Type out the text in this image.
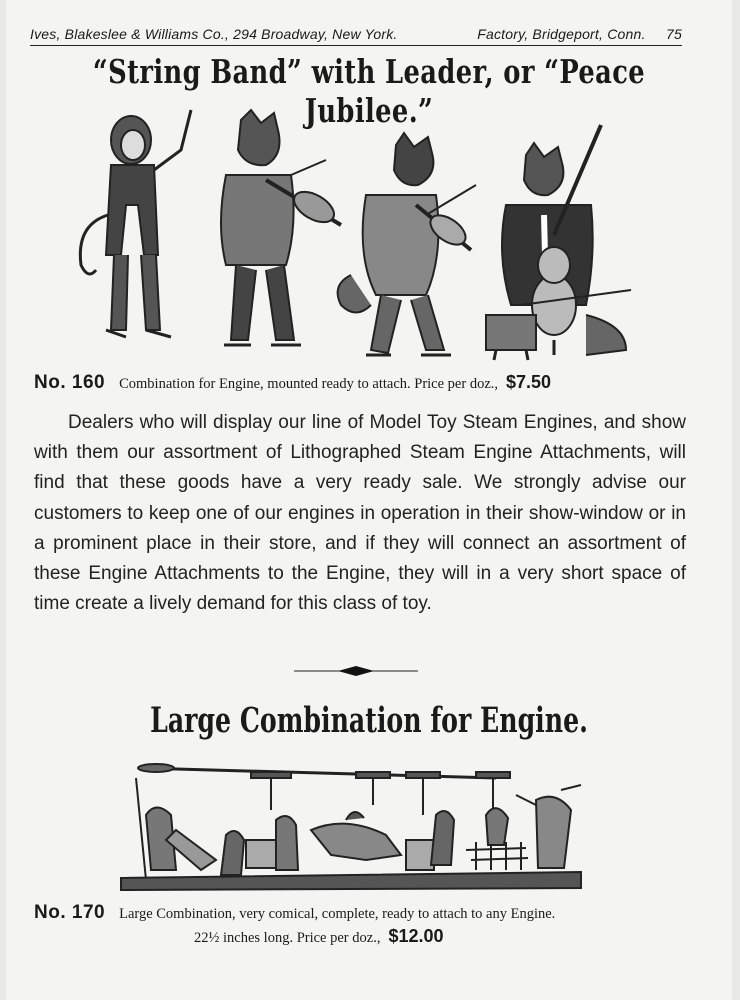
Ives, Blakeslee & Williams Co., 294 Broadway, New York.	Factory, Bridgeport, Conn. 75
“String Band” with Leader, or “Peace Jubilee.”
No. 160 Combination for Engine, mounted ready to attach. Price per doz., $7.50
Dealers who will display our line of Model Toy Steam Engines, and show with them our assortment of Lithographed Steam Engine Attachments, will find that these goods have a very ready sale. We strongly advise our customers to keep one of our engines in operation in their show-window or in a prominent place in their store, and if they will connect an assortment of these Engine Attachments to the Engine, they will in a very short space of time create a lively demand for this class of toy.
Large Combination for Engine.
No. 170 Large Combination, very comical, complete, ready to attach to any Engine.
22½ inches long. Price per doz., $12.00
